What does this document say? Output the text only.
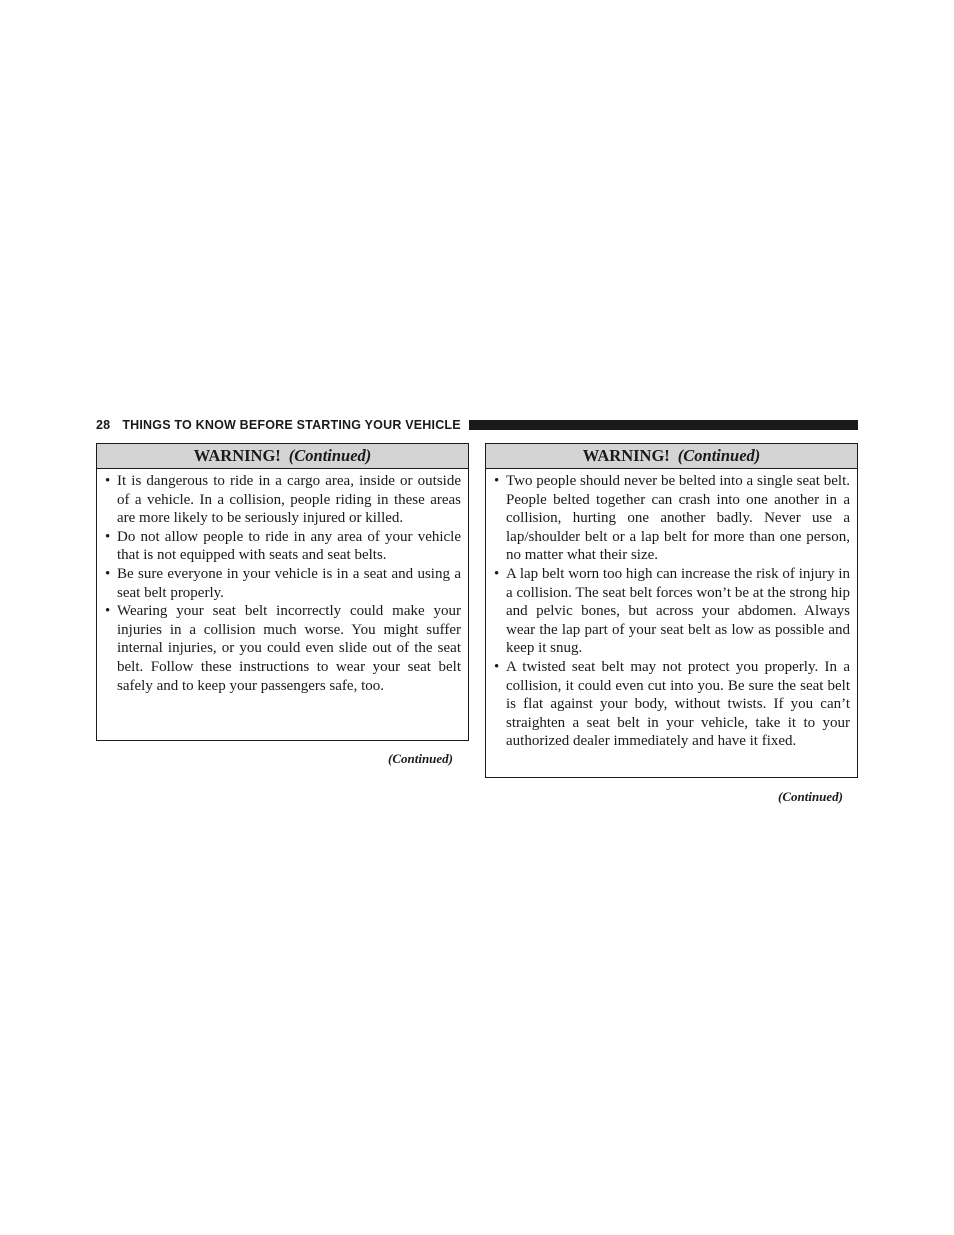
28 THINGS TO KNOW BEFORE STARTING YOUR VEHICLE
WARNING! (Continued)
• It is dangerous to ride in a cargo area, inside or outside of a vehicle. In a collision, people riding in these areas are more likely to be seriously injured or killed.
• Do not allow people to ride in any area of your vehicle that is not equipped with seats and seat belts.
• Be sure everyone in your vehicle is in a seat and using a seat belt properly.
• Wearing your seat belt incorrectly could make your injuries in a collision much worse. You might suffer internal injuries, or you could even slide out of the seat belt. Follow these instructions to wear your seat belt safely and to keep your passengers safe, too.
(Continued)
WARNING! (Continued)
• Two people should never be belted into a single seat belt. People belted together can crash into one another in a collision, hurting one another badly. Never use a lap/shoulder belt or a lap belt for more than one person, no matter what their size.
• A lap belt worn too high can increase the risk of injury in a collision. The seat belt forces won’t be at the strong hip and pelvic bones, but across your abdomen. Always wear the lap part of your seat belt as low as possible and keep it snug.
• A twisted seat belt may not protect you properly. In a collision, it could even cut into you. Be sure the seat belt is flat against your body, without twists. If you can’t straighten a seat belt in your vehicle, take it to your authorized dealer immediately and have it fixed.
(Continued)
